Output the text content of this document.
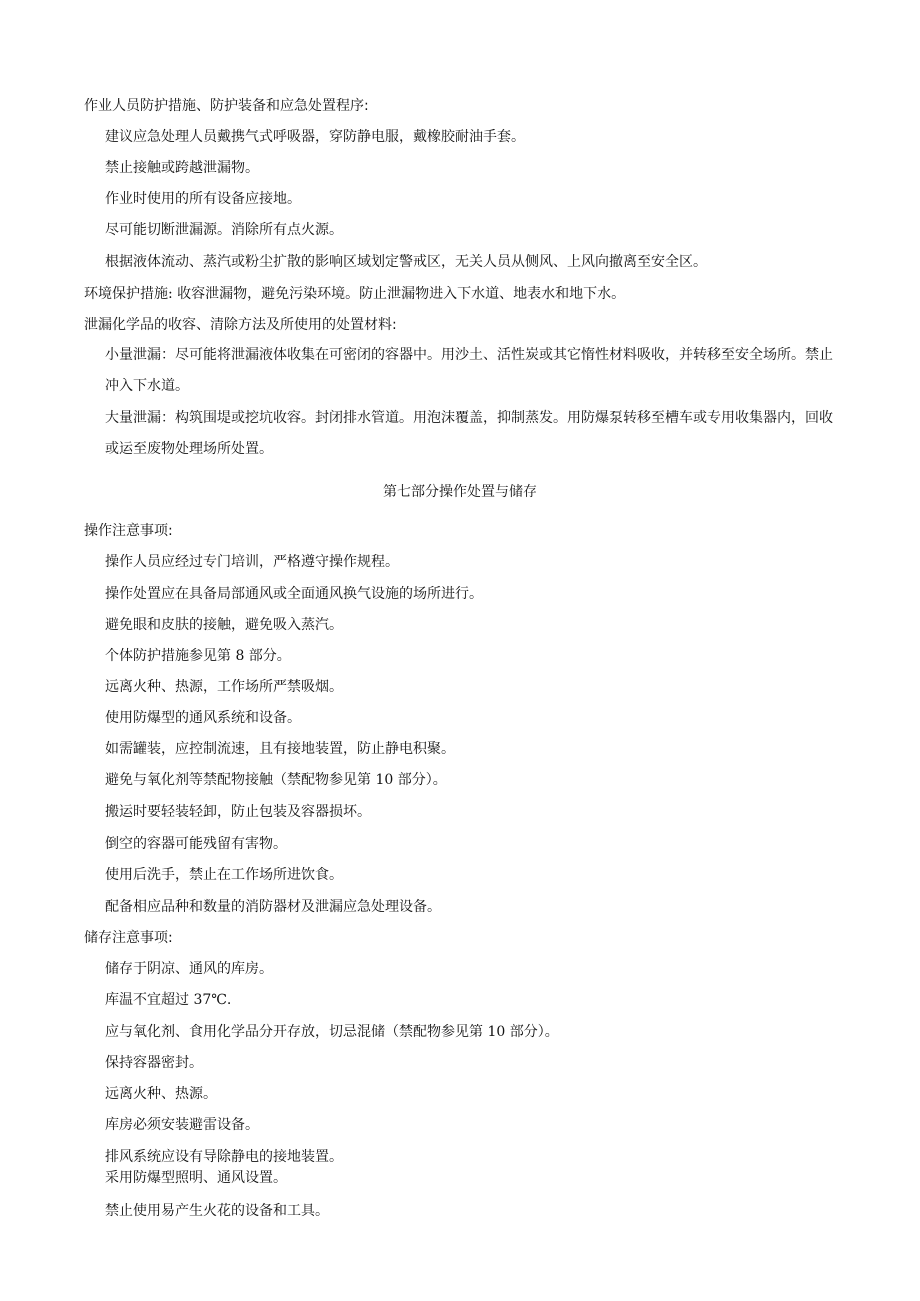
作业人员防护措施、防护装备和应急处置程序:
建议应急处理人员戴携气式呼吸器，穿防静电服，戴橡胶耐油手套。
禁止接触或跨越泄漏物。
作业时使用的所有设备应接地。
尽可能切断泄漏源。消除所有点火源。
根据液体流动、蒸汽或粉尘扩散的影响区域划定警戒区，无关人员从侧风、上风向撤离至安全区。
环境保护措施: 收容泄漏物，避免污染环境。防止泄漏物进入下水道、地表水和地下水。
泄漏化学品的收容、清除方法及所使用的处置材料:
小量泄漏：尽可能将泄漏液体收集在可密闭的容器中。用沙土、活性炭或其它惰性材料吸收，并转移至安全场所。禁止冲入下水道。
大量泄漏：构筑围堤或挖坑收容。封闭排水管道。用泡沫覆盖，抑制蒸发。用防爆泵转移至槽车或专用收集器内，回收或运至废物处理场所处置。
第七部分操作处置与储存
操作注意事项:
操作人员应经过专门培训，严格遵守操作规程。
操作处置应在具备局部通风或全面通风换气设施的场所进行。
避免眼和皮肤的接触，避免吸入蒸汽。
个体防护措施参见第 8 部分。
远离火种、热源，工作场所严禁吸烟。
使用防爆型的通风系统和设备。
如需罐装，应控制流速，且有接地装置，防止静电积聚。
避免与氧化剂等禁配物接触（禁配物参见第 10 部分）。
搬运时要轻装轻卸，防止包装及容器损坏。
倒空的容器可能残留有害物。
使用后洗手，禁止在工作场所进饮食。
配备相应品种和数量的消防器材及泄漏应急处理设备。
储存注意事项:
储存于阴凉、通风的库房。
库温不宜超过 37℃.
应与氧化剂、食用化学品分开存放，切忌混储（禁配物参见第 10 部分）。
保持容器密封。
远离火种、热源。
库房必须安装避雷设备。
排风系统应设有导除静电的接地装置。
采用防爆型照明、通风设置。
禁止使用易产生火花的设备和工具。
